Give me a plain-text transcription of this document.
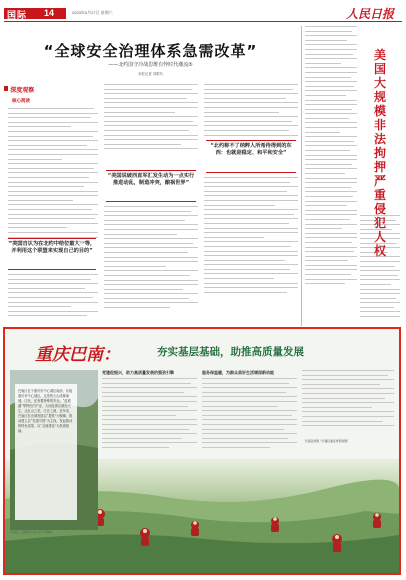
国际 14	2023年5月27日 星期六	人民日报
“全球安全治理体系急需改革”
——北约国守冷战思维有悖时代潮流⑤
本报记者 刘歌代
深度观察
核心阅读
“美国自认为在北约中给位最人一等，并利用这个联盟来实现自己的目的”
“美国说破西直军汇发生动为一点实行推进动乱，制造冲突，酿祸世界”
“北约称不了纳粹人所希待得到的东西：也就是稳定、和平和安全”
美国大规模非法拘押严重侵犯人权
重庆巴南：	夯实基层基础，助推高质量发展
党建促振兴，助力高质量发展的强劲引擎	服务保温暖，为群众美好生活增添新动能
巴南区供图（巴南区委宣传部供图）
巴南区位于重庆市中心城区南部，东接重庆市中心城区，这里的大山成都南城，江北，还有着特殊的安全。“蓝谱湖”等特色内产业，大雨及坡以就处大生，让红山之类，江北之源，近年来，巴南区在北城发展以“提供”为保障，推动建立以“党建引领”为主线，发起推动的特色成果，以“全面建设”为发展基础。
巴南区二圣镇茶叶村内生产片基地。
